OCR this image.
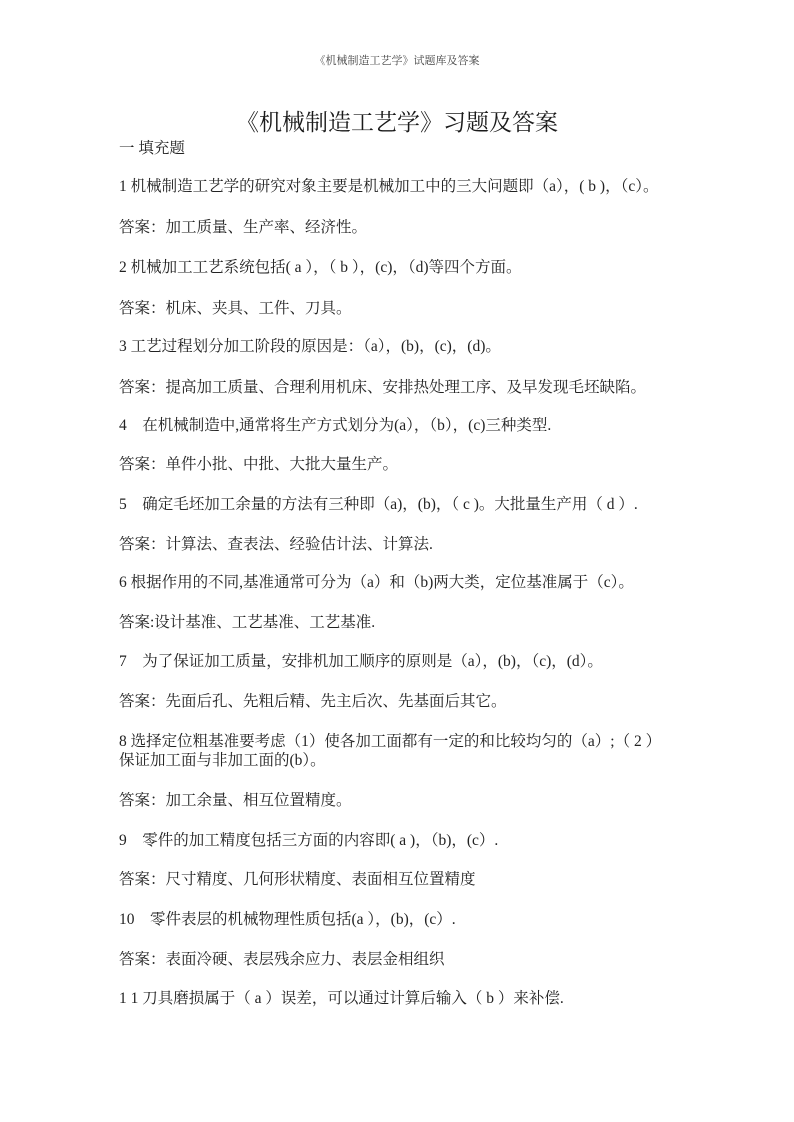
《机械制造工艺学》试题库及答案
《机械制造工艺学》习题及答案
一 填充题
1 机械制造工艺学的研究对象主要是机械加工中的三大问题即（a），( b )，（c）。
答案：加工质量、生产率、经济性。
2 机械加工工艺系统包括( a ），（ b ），(c)，（d)等四个方面。
答案：机床、夹具、工件、刀具。
3 工艺过程划分加工阶段的原因是：（a），(b)，(c)，(d)。
答案：提高加工质量、合理利用机床、安排热处理工序、及早发现毛坯缺陷。
4　在机械制造中,通常将生产方式划分为(a），（b），(c)三种类型.
答案：单件小批、中批、大批大量生产。
5　确定毛坯加工余量的方法有三种即（a)，(b)，（ c )。大批量生产用（ d ）.
答案：计算法、查表法、经验估计法、计算法.
6 根据作用的不同,基准通常可分为（a）和（b)两大类，定位基准属于（c）。
答案:设计基准、工艺基准、工艺基准.
7　为了保证加工质量，安排机加工顺序的原则是（a），(b)，（c)，(d）。
答案：先面后孔、先粗后精、先主后次、先基面后其它。
8 选择定位粗基准要考虑（1）使各加工面都有一定的和比较均匀的（a）;（ 2 ）
保证加工面与非加工面的(b）。
答案：加工余量、相互位置精度。
9　零件的加工精度包括三方面的内容即( a )，（b)，(c）.
答案：尺寸精度、几何形状精度、表面相互位置精度
10　零件表层的机械物理性质包括(a ），(b)，(c）.
答案：表面冷硬、表层残余应力、表层金相组织
1 1 刀具磨损属于（ a ）误差，可以通过计算后输入（ b ）来补偿.
